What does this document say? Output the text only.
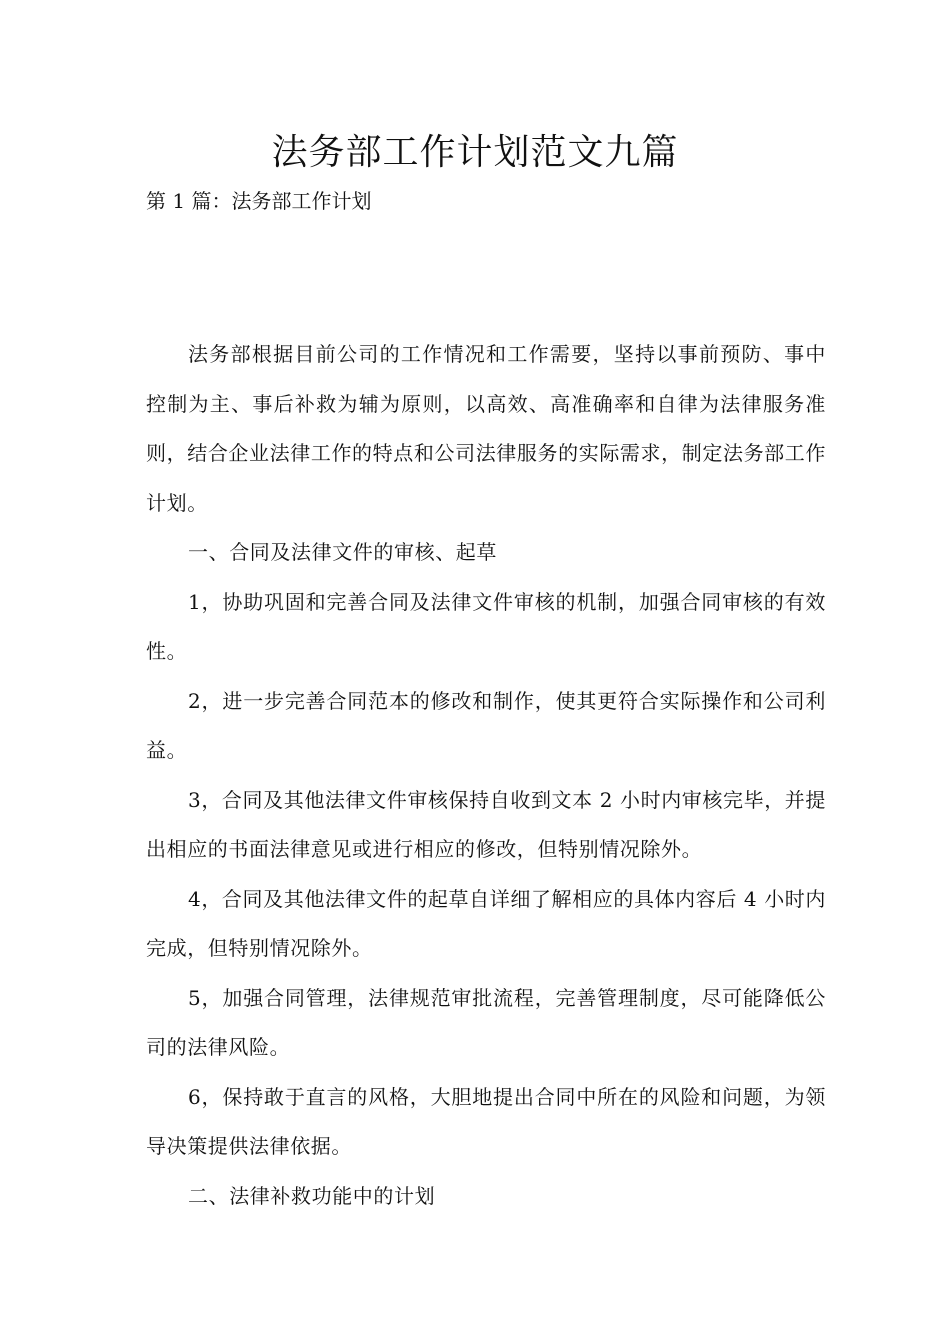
法务部工作计划范文九篇

第 1 篇：法务部工作计划

法务部根据目前公司的工作情况和工作需要，坚持以事前预防、事中控制为主、事后补救为辅为原则，以高效、高准确率和自律为法律服务准则，结合企业法律工作的特点和公司法律服务的实际需求，制定法务部工作计划。

一、合同及法律文件的审核、起草

1，协助巩固和完善合同及法律文件审核的机制，加强合同审核的有效性。

2，进一步完善合同范本的修改和制作，使其更符合实际操作和公司利益。

3，合同及其他法律文件审核保持自收到文本 2 小时内审核完毕，并提出相应的书面法律意见或进行相应的修改，但特别情况除外。

4，合同及其他法律文件的起草自详细了解相应的具体内容后 4 小时内完成，但特别情况除外。

5，加强合同管理，法律规范审批流程，完善管理制度，尽可能降低公司的法律风险。

6，保持敢于直言的风格，大胆地提出合同中所在的风险和问题，为领导决策提供法律依据。

二、法律补救功能中的计划
